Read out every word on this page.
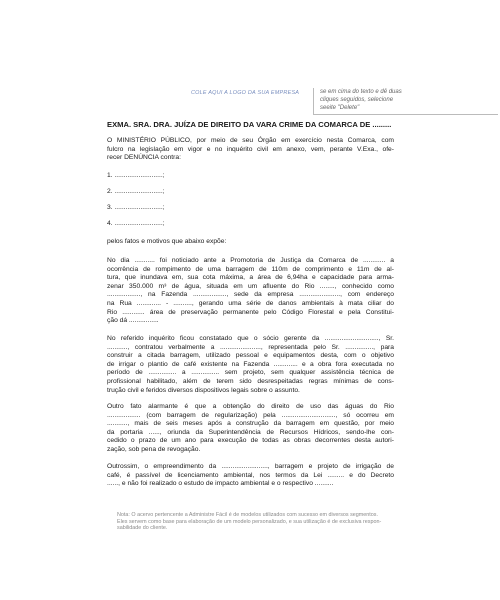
COLE AQUI A LOGO DA SUA EMPRESA	se em cima do texto e dê duas
cliques seguidos, selecione
seeite "Delete"
EXMA. SRA. DRA. JUÍZA DE DIREITO DA VARA CRIME DA COMARCA DE .........
O MINISTÉRIO PÚBLICO, por meio de seu Órgão em exercício nesta Comarca, com
fulcro na legislação em vigor e no inquérito civil em anexo, vem, perante V.Exa., ofe-
recer DENÚNCIA contra:
1. ..........................;
2. ..........................;
3. ..........................;
4. ..........................;
pelos fatos e motivos que abaixo expõe:
No dia ........... foi noticiado ante a Promotoria de Justiça da Comarca de ............ a
ocorrência de rompimento de uma barragem de 110m de comprimento e 11m de al-
tura, que inundava em, sua cota máxima, a área de 6,94ha e capacidade para arma-
zenar 350.000 m³ de água, situada em um afluente do Rio ........, conhecido como
.................., na Fazenda .................., sede da empresa ......................, com endereço
na Rua ............. - .........., gerando uma série de danos ambientais à mata ciliar do
Rio ............ área de preservação permanente pelo Código Florestal e pela Constitui-
ção dá ................
No referido inquérito ficou constatado que o sócio gerente da ............................., Sr.
..........., contratou verbalmente a ......................, representada pelo Sr. ..............., para
construir a citada barragem, utilizado pessoal e equipamentos desta, com o objetivo
de irrigar o plantio de café existente na Fazenda ............. e a obra fora executada no
período de ............... a ............... sem projeto, sem qualquer assistência técnica de
profissional habilitado, além de terem sido desrespeitadas regras mínimas de cons-
trução civil e feridos diversos dispositivos legais sobre o assunto.
Outro fato alarmante é que a obtenção do direito de uso das águas do Rio
.................. (com barragem de regularização) pela ............................., só ocorreu em
..........., mais de seis meses após a construção da barragem em questão, por meio
da portaria ......, oriunda da Superintendência de Recursos Hídricos, sendo-lhe con-
cedido o prazo de um ano para execução de todas as obras decorrentes desta autori-
zação, sob pena de revogação.
Outrossim, o empreendimento da ........................., barragem e projeto de irrigação de
café, é passível de licenciamento ambiental, nos termos da Lei ......... e do Decreto
......, e não foi realizado o estudo de impacto ambiental e o respectivo ..........
Nota: O acervo pertencente a Administre Fácil é de modelos utilizados com sucesso em diversos segmentos.
Eles servem como base para elaboração de um modelo personalizado, e sua utilização é de exclusiva respon-
sabilidade do cliente.
